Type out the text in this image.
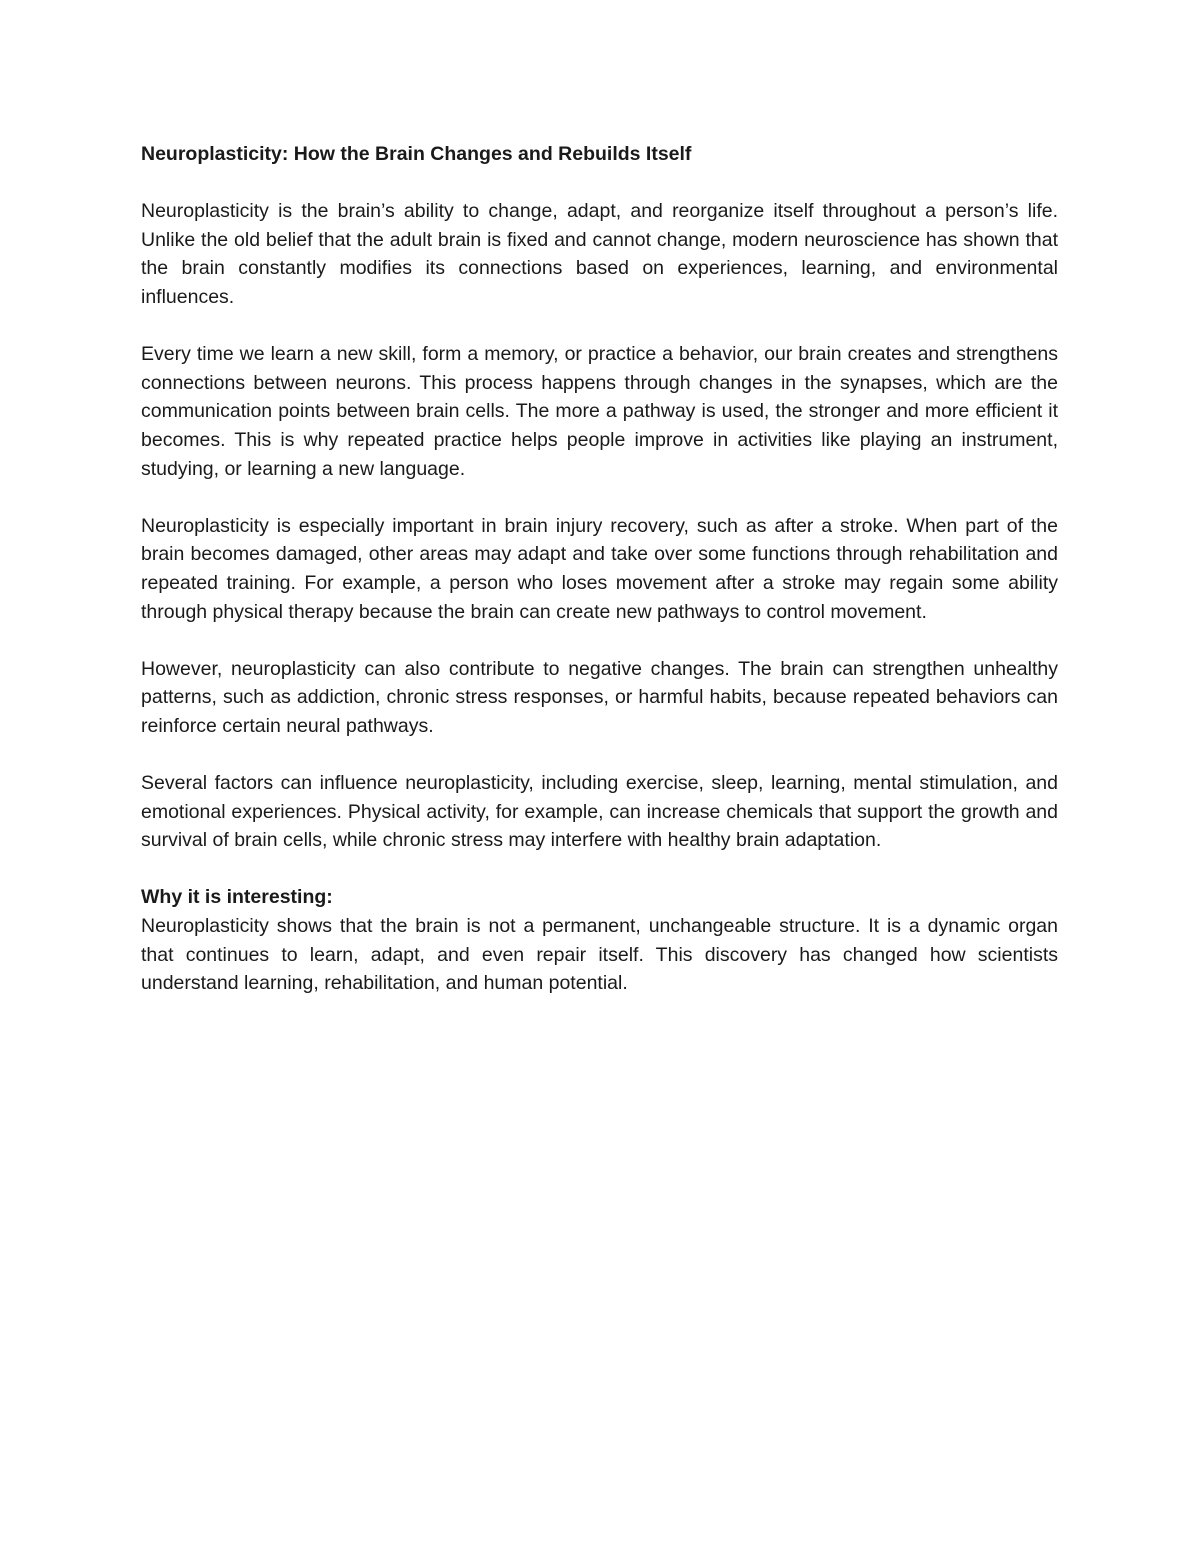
Neuroplasticity: How the Brain Changes and Rebuilds Itself

Neuroplasticity is the brain’s ability to change, adapt, and reorganize itself throughout a person’s life. Unlike the old belief that the adult brain is fixed and cannot change, modern neuroscience has shown that the brain constantly modifies its connections based on experiences, learning, and environmental influences.

Every time we learn a new skill, form a memory, or practice a behavior, our brain creates and strengthens connections between neurons. This process happens through changes in the synapses, which are the communication points between brain cells. The more a pathway is used, the stronger and more efficient it becomes. This is why repeated practice helps people improve in activities like playing an instrument, studying, or learning a new language.

Neuroplasticity is especially important in brain injury recovery, such as after a stroke. When part of the brain becomes damaged, other areas may adapt and take over some functions through rehabilitation and repeated training. For example, a person who loses movement after a stroke may regain some ability through physical therapy because the brain can create new pathways to control movement.

However, neuroplasticity can also contribute to negative changes. The brain can strengthen unhealthy patterns, such as addiction, chronic stress responses, or harmful habits, because repeated behaviors can reinforce certain neural pathways.

Several factors can influence neuroplasticity, including exercise, sleep, learning, mental stimulation, and emotional experiences. Physical activity, for example, can increase chemicals that support the growth and survival of brain cells, while chronic stress may interfere with healthy brain adaptation.

Why it is interesting:

Neuroplasticity shows that the brain is not a permanent, unchangeable structure. It is a dynamic organ that continues to learn, adapt, and even repair itself. This discovery has changed how scientists understand learning, rehabilitation, and human potential.
